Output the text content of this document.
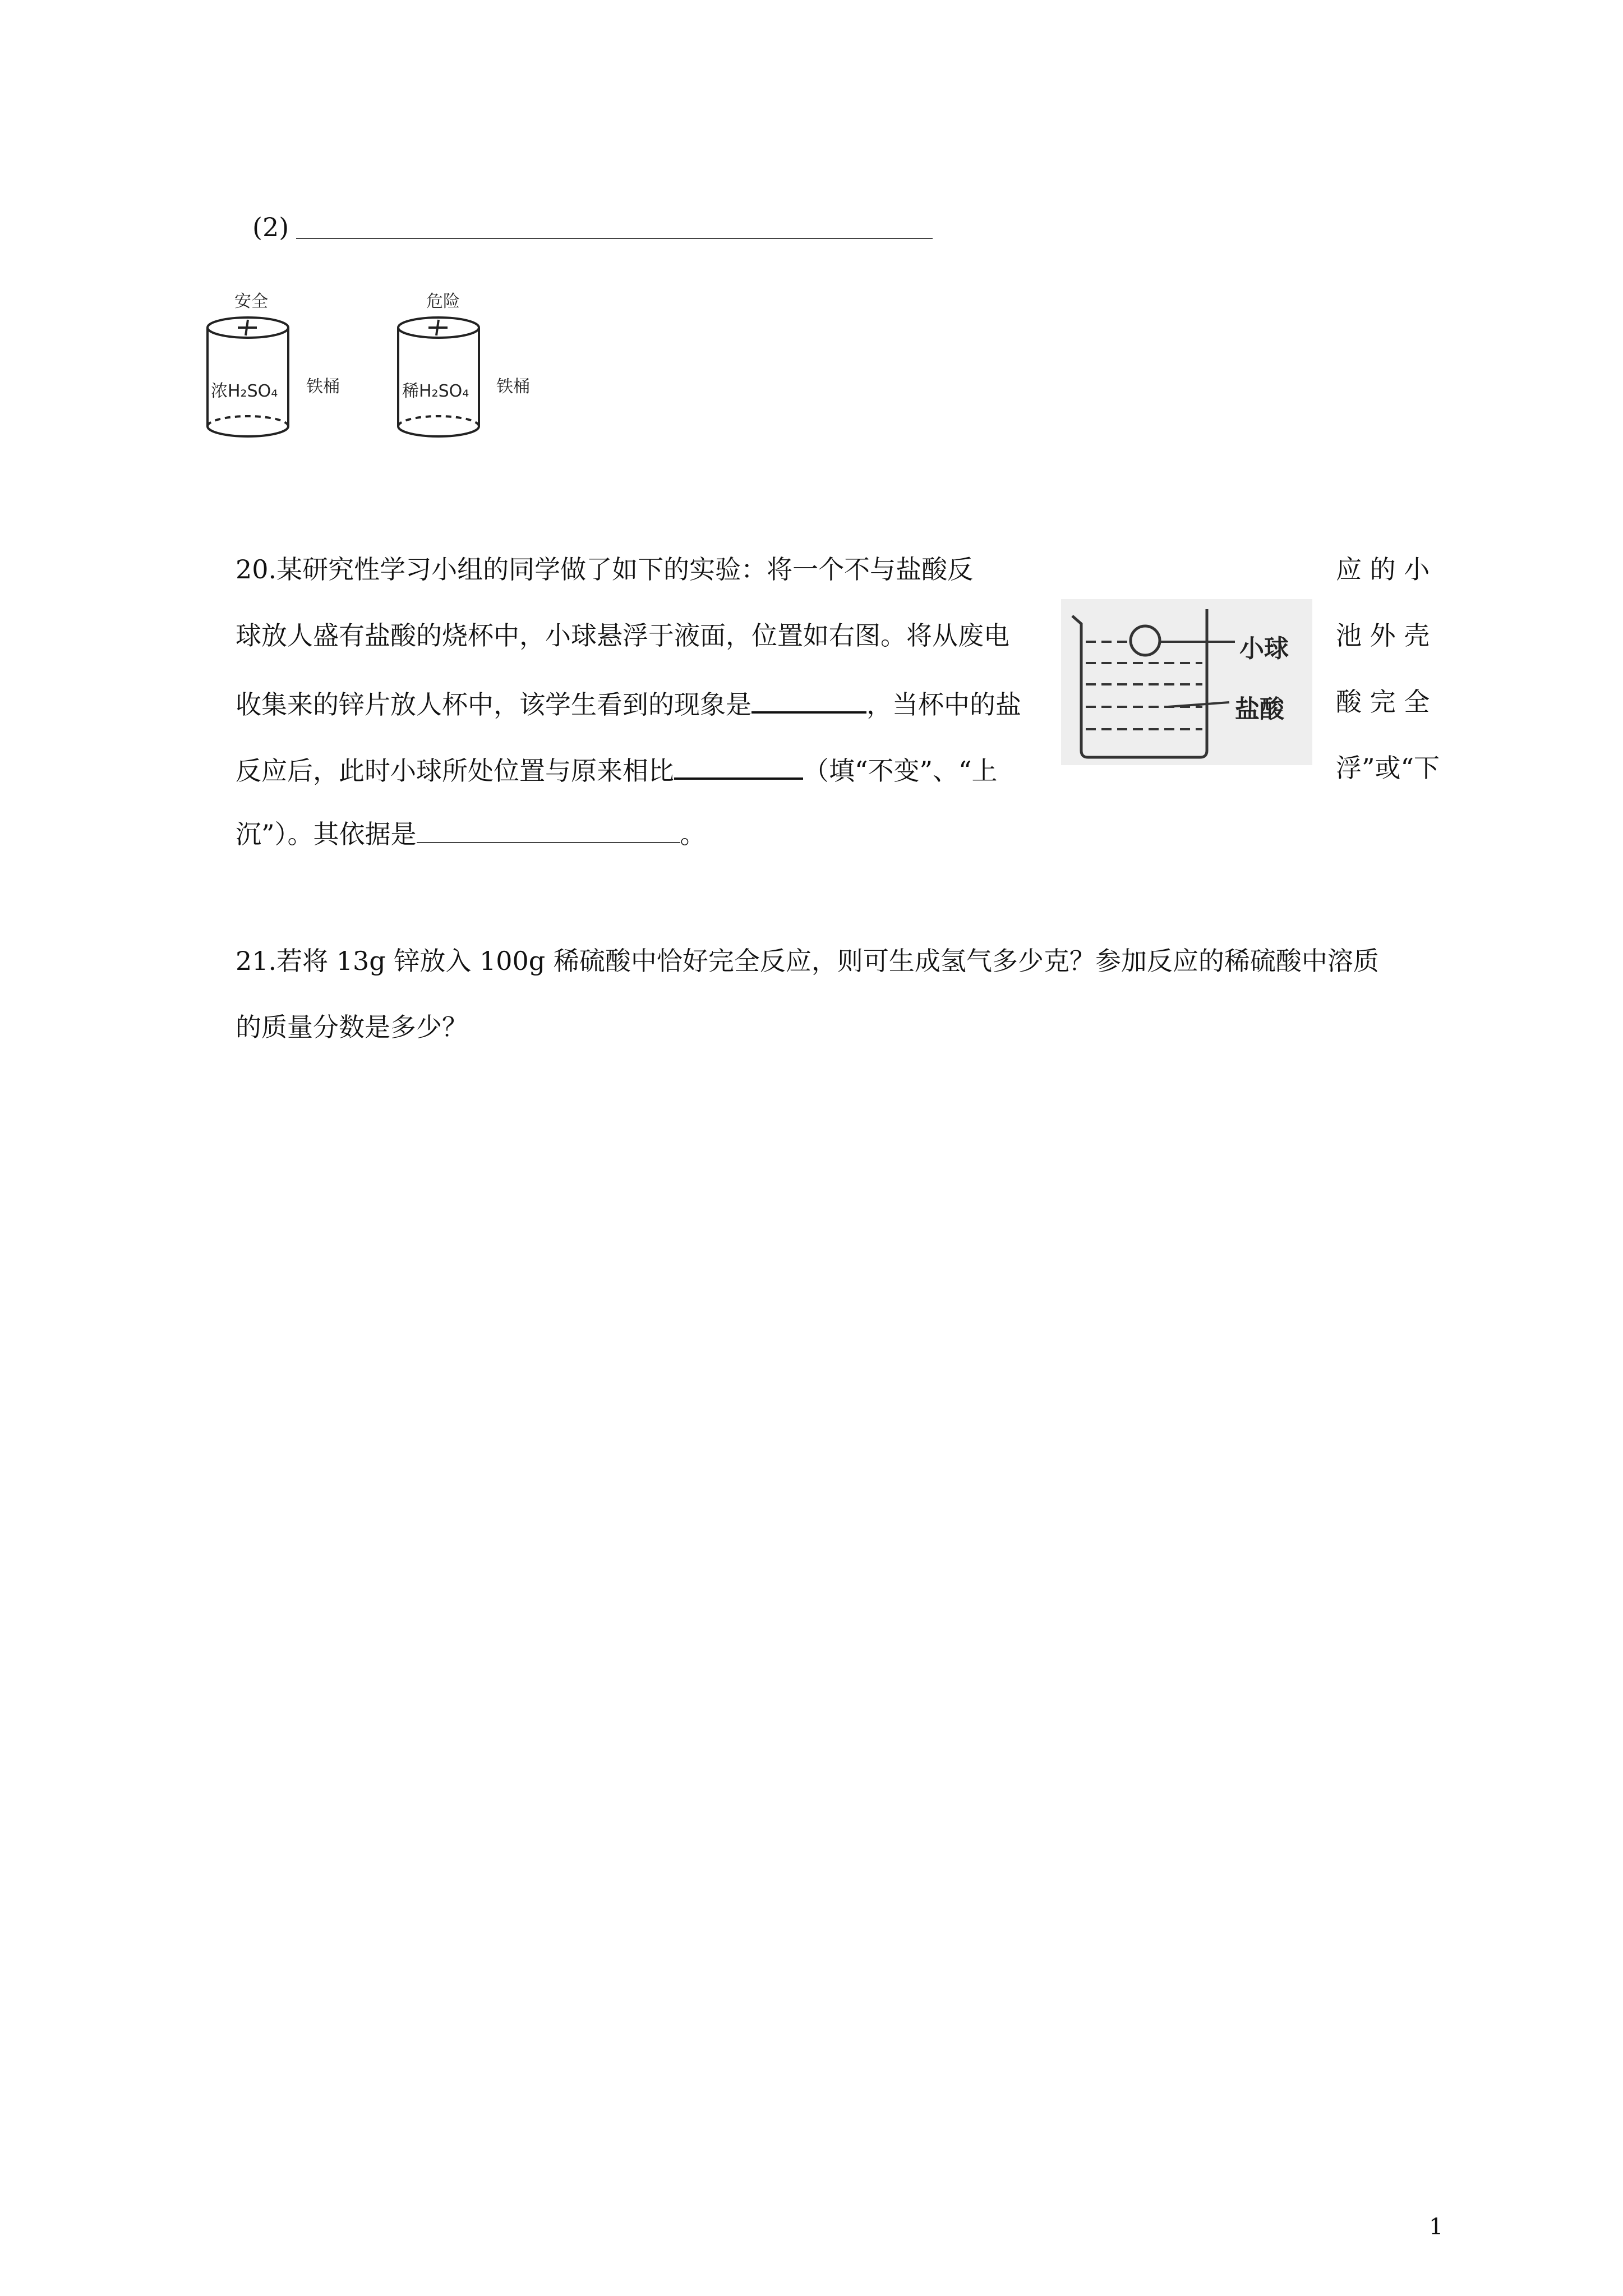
(2)
安全	危险
浓H₂SO₄ 铁桶	稀H₂SO₄ 铁桶
20.某研究性学习小组的同学做了如下的实验：将一个不与盐酸反	应 的 小
球放人盛有盐酸的烧杯中，小球悬浮于液面，位置如右图。将从废电	池 外 壳
收集来的锌片放人杯中，该学生看到的现象是	，当杯中的盐	酸 完 全
反应后，此时小球所处位置与原来相比	（填“不变”、“上	浮”或“下
沉”）。其依据是	。
小球
盐酸
21.若将 13g 锌放入 100g 稀硫酸中恰好完全反应，则可生成氢气多少克？参加反应的稀硫酸中溶质
的质量分数是多少？
1
